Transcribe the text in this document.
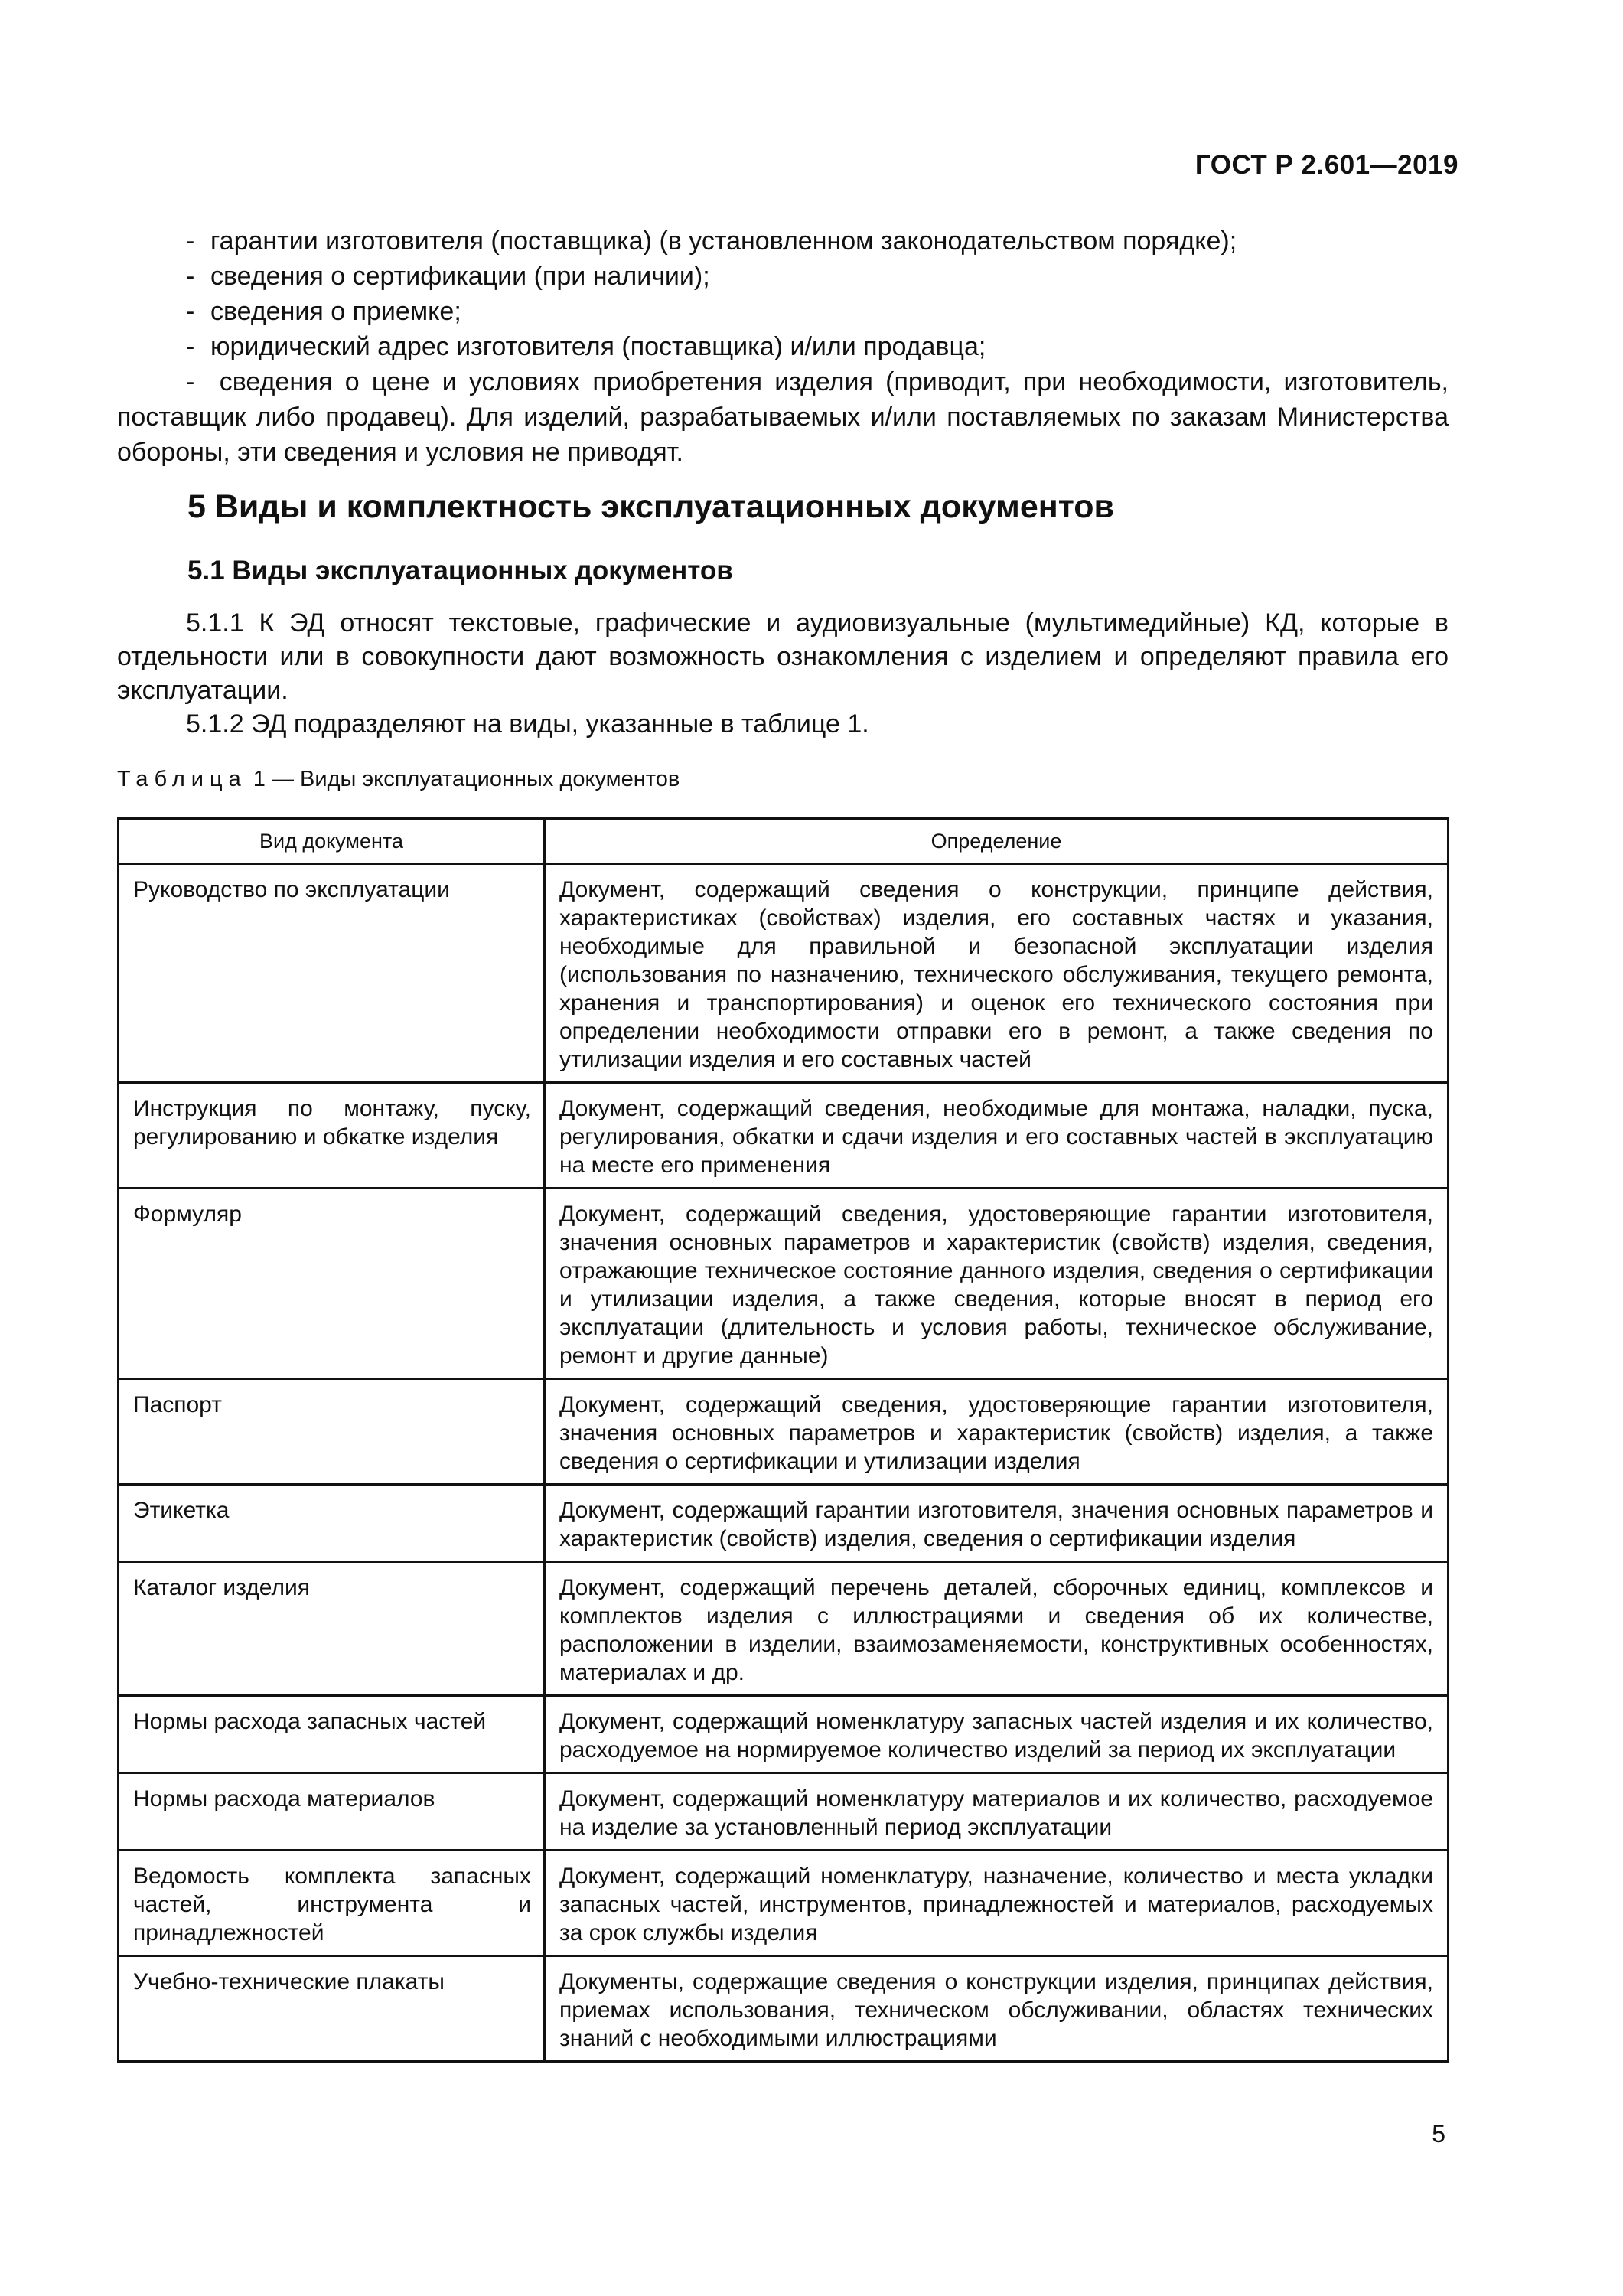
ГОСТ Р 2.601—2019
- гарантии изготовителя (поставщика) (в установленном законодательством порядке);
- сведения о сертификации (при наличии);
- сведения о приемке;
- юридический адрес изготовителя (поставщика) и/или продавца;
- сведения о цене и условиях приобретения изделия (приводит, при необходимости, изготовитель, поставщик либо продавец). Для изделий, разрабатываемых и/или поставляемых по заказам Министерства обороны, эти сведения и условия не приводят.
5 Виды и комплектность эксплуатационных документов
5.1 Виды эксплуатационных документов
5.1.1 К ЭД относят текстовые, графические и аудиовизуальные (мультимедийные) КД, которые в отдельности или в совокупности дают возможность ознакомления с изделием и определяют правила его эксплуатации.
5.1.2 ЭД подразделяют на виды, указанные в таблице 1.
Таблица 1 — Виды эксплуатационных документов
Вид документа	Определение
Руководство по эксплуатации	Документ, содержащий сведения о конструкции, принципе действия, характеристиках (свойствах) изделия, его составных частях и указания, необходимые для правильной и безопасной эксплуатации изделия (использования по назначению, технического обслуживания, текущего ремонта, хранения и транспортирования) и оценок его технического состояния при определении необходимости отправки его в ремонт, а также сведения по утилизации изделия и его составных частей
Инструкция по монтажу, пуску, регулированию и обкатке изделия	Документ, содержащий сведения, необходимые для монтажа, наладки, пуска, регулирования, обкатки и сдачи изделия и его составных частей в эксплуатацию на месте его применения
Формуляр	Документ, содержащий сведения, удостоверяющие гарантии изготовителя, значения основных параметров и характеристик (свойств) изделия, сведения, отражающие техническое состояние данного изделия, сведения о сертификации и утилизации изделия, а также сведения, которые вносят в период его эксплуатации (длительность и условия работы, техническое обслуживание, ремонт и другие данные)
Паспорт	Документ, содержащий сведения, удостоверяющие гарантии изготовителя, значения основных параметров и характеристик (свойств) изделия, а также сведения о сертификации и утилизации изделия
Этикетка	Документ, содержащий гарантии изготовителя, значения основных параметров и характеристик (свойств) изделия, сведения о сертификации изделия
Каталог изделия	Документ, содержащий перечень деталей, сборочных единиц, комплексов и комплектов изделия с иллюстрациями и сведения об их количестве, расположении в изделии, взаимозаменяемости, конструктивных особенностях, материалах и др.
Нормы расхода запасных частей	Документ, содержащий номенклатуру запасных частей изделия и их количество, расходуемое на нормируемое количество изделий за период их эксплуатации
Нормы расхода материалов	Документ, содержащий номенклатуру материалов и их количество, расходуемое на изделие за установленный период эксплуатации
Ведомость комплекта запасных частей, инструмента и принадлежностей	Документ, содержащий номенклатуру, назначение, количество и места укладки запасных частей, инструментов, принадлежностей и материалов, расходуемых за срок службы изделия
Учебно-технические плакаты	Документы, содержащие сведения о конструкции изделия, принципах действия, приемах использования, техническом обслуживании, областях технических знаний с необходимыми иллюстрациями
5
